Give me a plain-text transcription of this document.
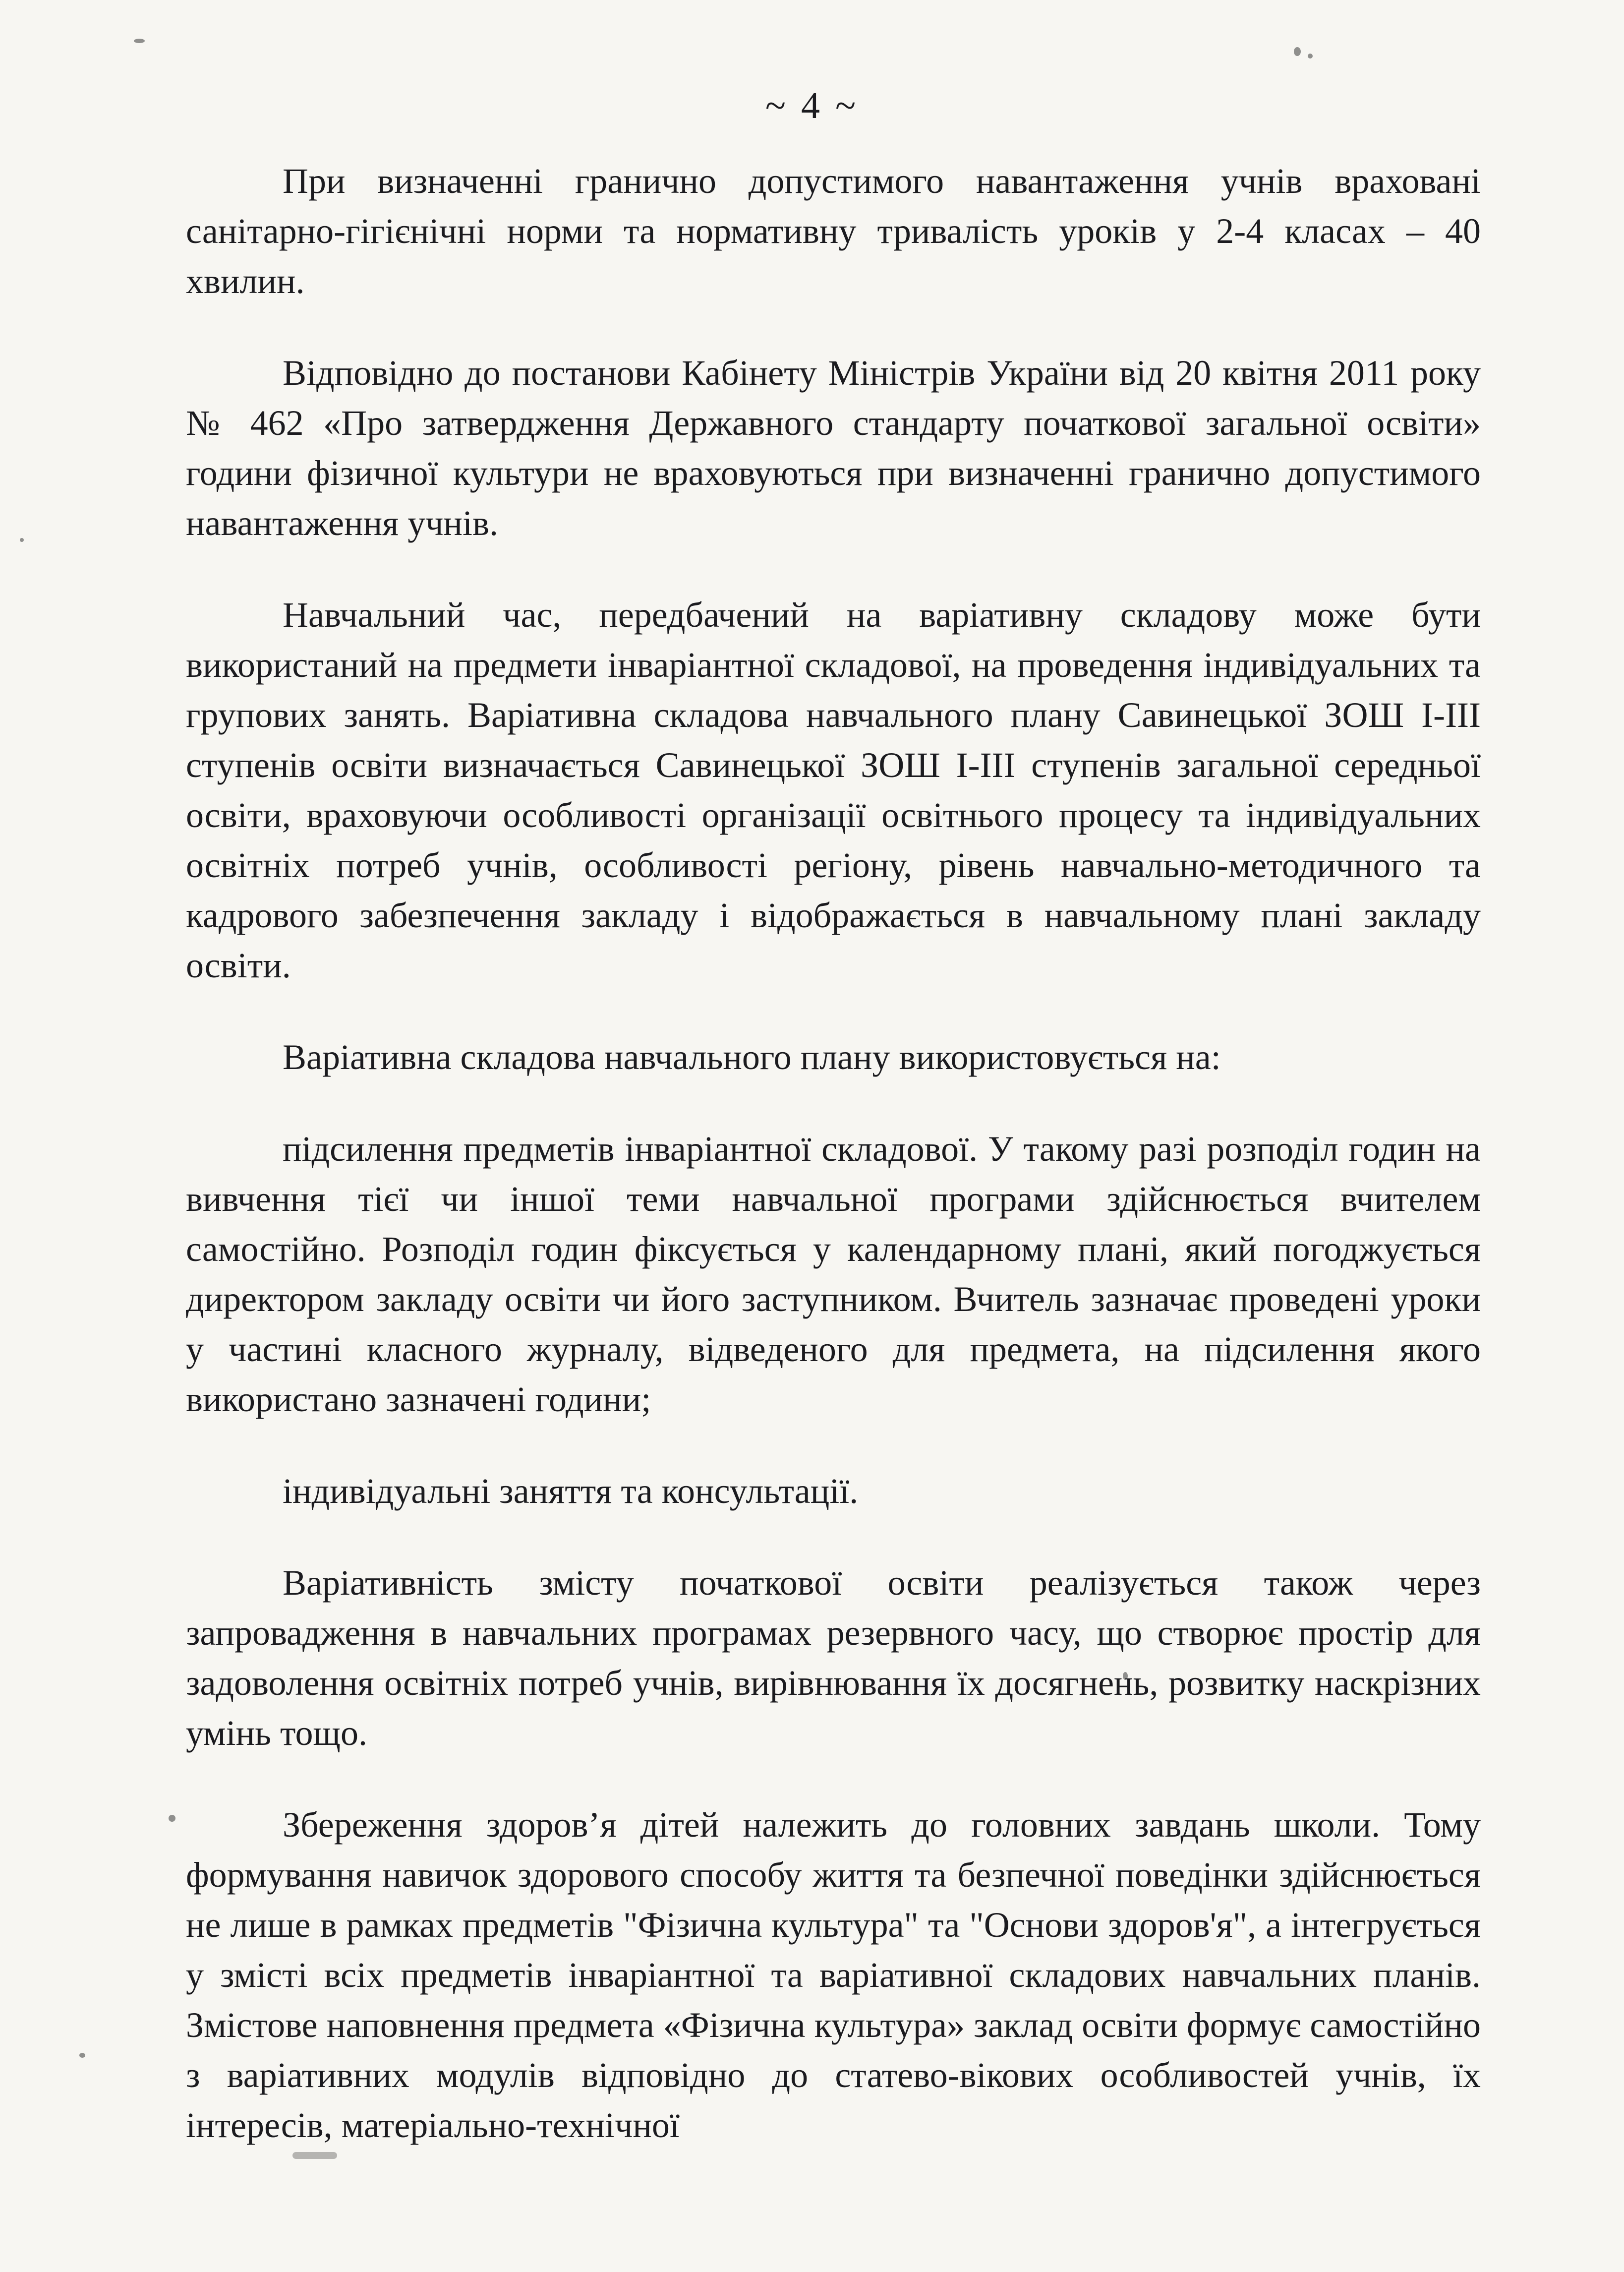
~ 4 ~

При визначенні гранично допустимого навантаження учнів враховані санітарно-гігієнічні норми та нормативну тривалість уроків у 2-4 класах – 40 хвилин.

Відповідно до постанови Кабінету Міністрів України від 20 квітня 2011 року № 462 «Про затвердження Державного стандарту початкової загальної освіти» години фізичної культури не враховуються при визначенні гранично допустимого навантаження учнів.

Навчальний час, передбачений на варіативну складову може бути використаний на предмети інваріантної складової, на проведення індивідуальних та групових занять. Варіативна складова навчального плану Савинецької ЗОШ І-ІІІ ступенів освіти визначається Савинецької ЗОШ І-ІІІ ступенів загальної середньої освіти, враховуючи особливості організації освітнього процесу та індивідуальних освітніх потреб учнів, особливості регіону, рівень навчально-методичного та кадрового забезпечення закладу і відображається в навчальному плані закладу освіти.

Варіативна складова навчального плану використовується на:

підсилення предметів інваріантної складової. У такому разі розподіл годин на вивчення тієї чи іншої теми навчальної програми здійснюється вчителем самостійно. Розподіл годин фіксується у календарному плані, який погоджується директором закладу освіти чи його заступником. Вчитель зазначає проведені уроки у частині класного журналу, відведеного для предмета, на підсилення якого використано зазначені години;

індивідуальні заняття та консультації.

Варіативність змісту початкової освіти реалізується також через запровадження в навчальних програмах резервного часу, що створює простір для задоволення освітніх потреб учнів, вирівнювання їх досягнень, розвитку наскрізних умінь тощо.

Збереження здоров’я дітей належить до головних завдань школи. Тому формування навичок здорового способу життя та безпечної поведінки здійснюється не лише в рамках предметів "Фізична культура" та "Основи здоров'я", а інтегрується у змісті всіх предметів інваріантної та варіативної складових навчальних планів. Змістове наповнення предмета «Фізична культура» заклад освіти формує самостійно з варіативних модулів відповідно до статево-вікових особливостей учнів, їх інтересів, матеріально-технічної
